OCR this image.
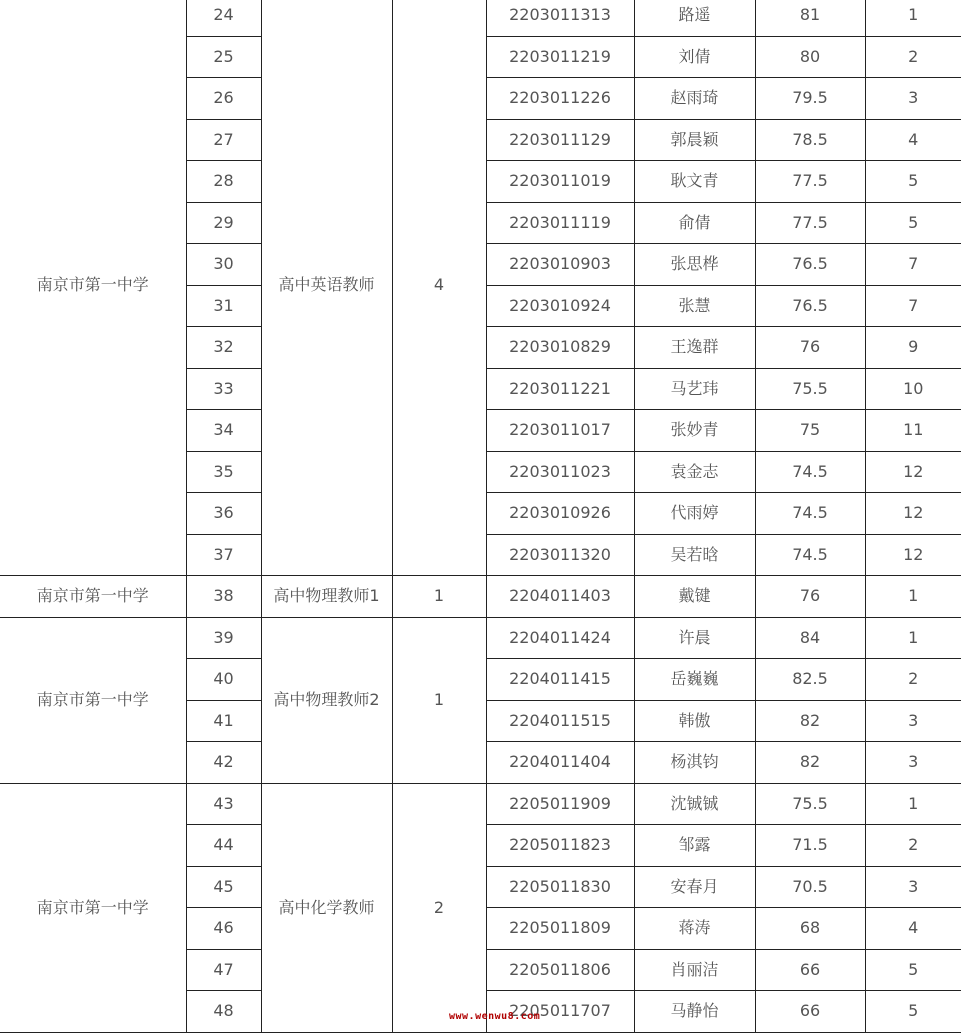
南京市第一中学	24	高中英语教师	4	2203011313	路遥	81	1
	25			2203011219	刘倩	80	2
	26			2203011226	赵雨琦	79.5	3
	27			2203011129	郭晨颖	78.5	4
	28			2203011019	耿文青	77.5	5
	29			2203011119	俞倩	77.5	5
	30			2203010903	张思桦	76.5	7
	31			2203010924	张慧	76.5	7
	32			2203010829	王逸群	76	9
	33			2203011221	马艺玮	75.5	10
	34			2203011017	张妙青	75	11
	35			2203011023	袁金志	74.5	12
	36			2203010926	代雨婷	74.5	12
	37			2203011320	吴若晗	74.5	12
南京市第一中学	38	高中物理教师1	1	2204011403	戴键	76	1
南京市第一中学	39	高中物理教师2	1	2204011424	许晨	84	1
	40			2204011415	岳巍巍	82.5	2
	41			2204011515	韩傲	82	3
	42			2204011404	杨淇钧	82	3
南京市第一中学	43	高中化学教师	2	2205011909	沈铖铖	75.5	1
	44			2205011823	邹露	71.5	2
	45			2205011830	安春月	70.5	3
	46			2205011809	蒋涛	68	4
	47			2205011806	肖丽洁	66	5
	48			2205011707	马静怡	66	5
www.wenwu8.com
